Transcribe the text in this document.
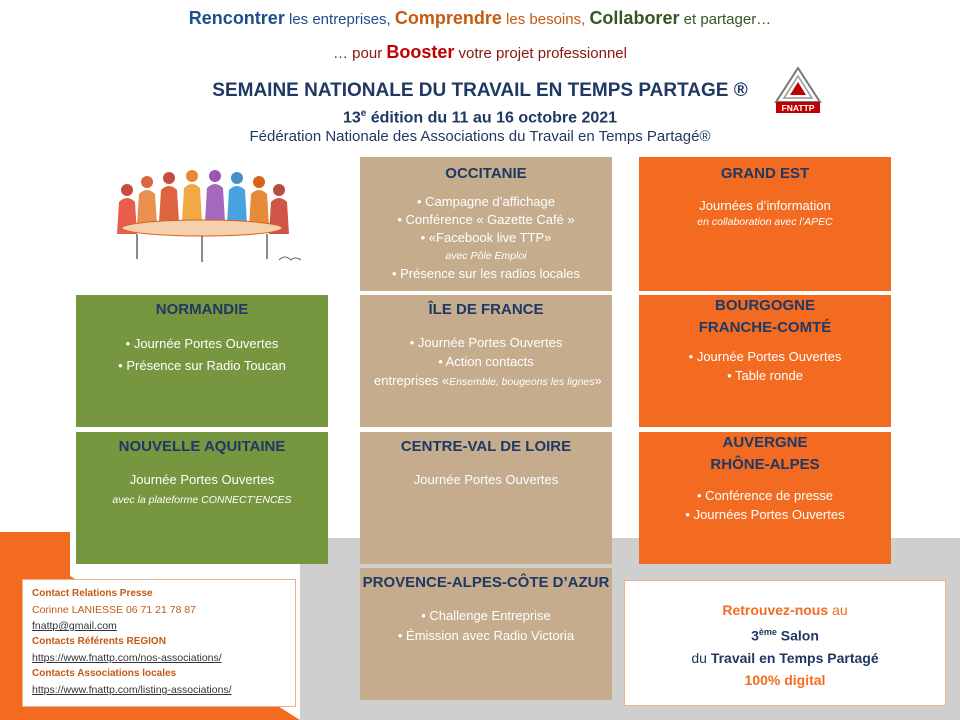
Rencontrer les entreprises, Comprendre les besoins, Collaborer et partager…
… pour Booster votre projet professionnel
SEMAINE NATIONALE DU TRAVAIL EN TEMPS PARTAGE ®
13e édition du 11 au 16 octobre 2021
Fédération Nationale des Associations du Travail en Temps Partagé®
FNATTP
OCCITANIE
• Campagne d’affichage
• Conférence « Gazette Café »
• «Facebook live TTP»
avec Pôle Emploi
• Présence sur les radios locales
GRAND EST
Journées d’information
en collaboration avec l’APEC
NORMANDIE
• Journée Portes Ouvertes
• Présence sur Radio Toucan
ÎLE DE FRANCE
• Journée Portes Ouvertes
• Action contacts
entreprises «Ensemble, bougeons les lignes»
BOURGOGNE
FRANCHE-COMTÉ
• Journée Portes Ouvertes
• Table ronde
NOUVELLE AQUITAINE
Journée Portes Ouvertes
avec la plateforme CONNECT’ENCES
CENTRE-VAL DE LOIRE
Journée Portes Ouvertes
AUVERGNE
RHÔNE-ALPES
• Conférence de presse
• Journées Portes Ouvertes
PROVENCE-ALPES-CÔTE D’AZUR
• Challenge Entreprise
• Émission avec Radio Victoria
Contact Relations Presse
Corinne LANIESSE 06 71 21 78 87
fnattp@gmail.com
Contacts Référents REGION
https://www.fnattp.com/nos-associations/
Contacts Associations locales
https://www.fnattp.com/listing-associations/
Retrouvez-nous au
3ème Salon
du Travail en Temps Partagé
100% digital
